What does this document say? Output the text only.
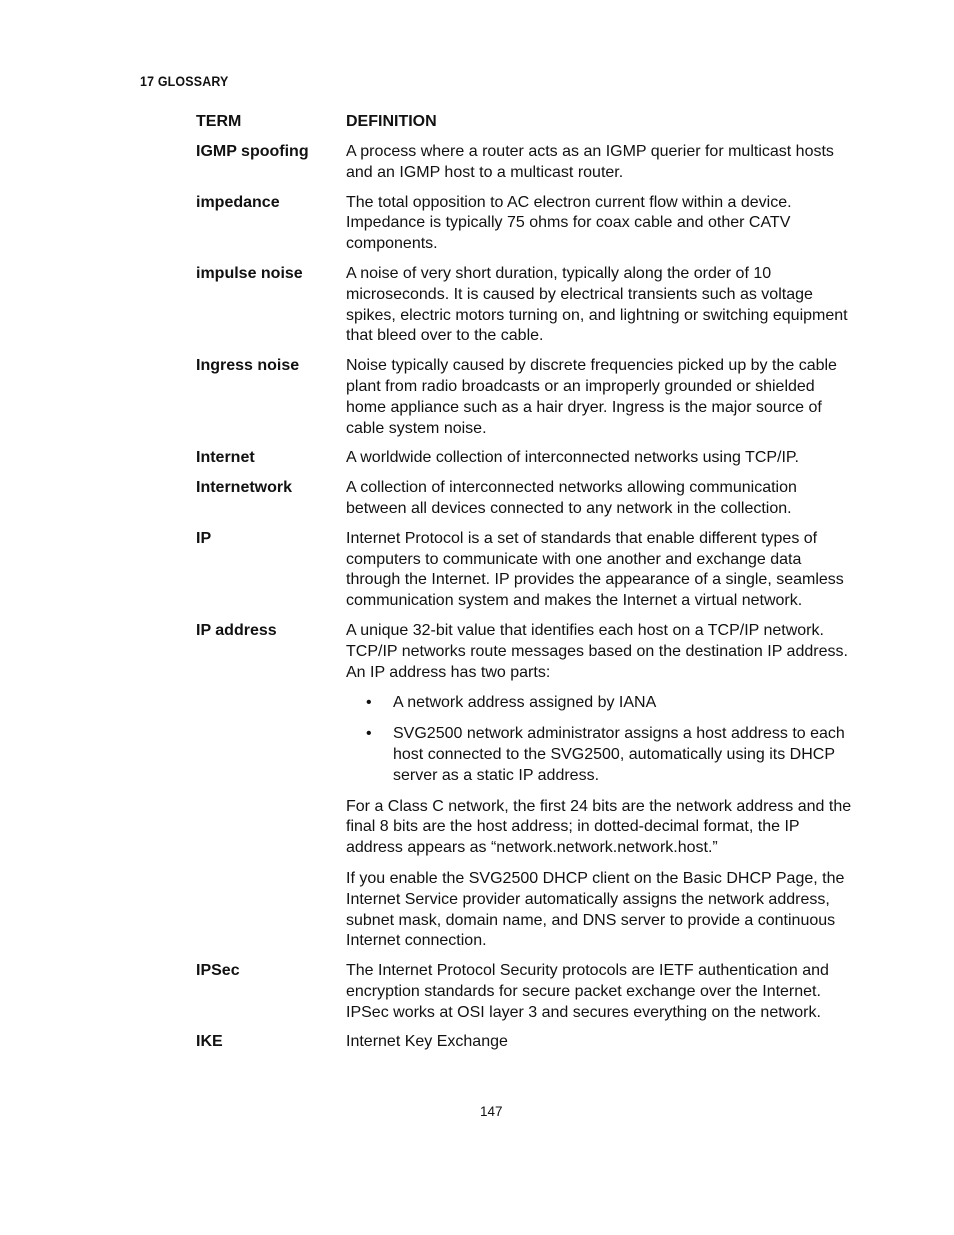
17 GLOSSARY
TERM	DEFINITION
IGMP spoofing	A process where a router acts as an IGMP querier for multicast hosts and an IGMP host to a multicast router.

impedance	The total opposition to AC electron current flow within a device. Impedance is typically 75 ohms for coax cable and other CATV components.

impulse noise	A noise of very short duration, typically along the order of 10 microseconds. It is caused by electrical transients such as voltage spikes, electric motors turning on, and lightning or switching equipment that bleed over to the cable.

Ingress noise	Noise typically caused by discrete frequencies picked up by the cable plant from radio broadcasts or an improperly grounded or shielded home appliance such as a hair dryer. Ingress is the major source of cable system noise.

Internet	A worldwide collection of interconnected networks using TCP/IP.

Internetwork	A collection of interconnected networks allowing communication between all devices connected to any network in the collection.

IP	Internet Protocol is a set of standards that enable different types of computers to communicate with one another and exchange data through the Internet. IP provides the appearance of a single, seamless communication system and makes the Internet a virtual network.

IP address	A unique 32-bit value that identifies each host on a TCP/IP network. TCP/IP networks route messages based on the destination IP address. An IP address has two parts:

• A network address assigned by IANA
• SVG2500 network administrator assigns a host address to each host connected to the SVG2500, automatically using its DHCP server as a static IP address.

For a Class C network, the first 24 bits are the network address and the final 8 bits are the host address; in dotted-decimal format, the IP address appears as “network.network.network.host.”

If you enable the SVG2500 DHCP client on the Basic DHCP Page, the Internet Service provider automatically assigns the network address, subnet mask, domain name, and DNS server to provide a continuous Internet connection.

IPSec	The Internet Protocol Security protocols are IETF authentication and encryption standards for secure packet exchange over the Internet. IPSec works at OSI layer 3 and secures everything on the network.

IKE	Internet Key Exchange

147
